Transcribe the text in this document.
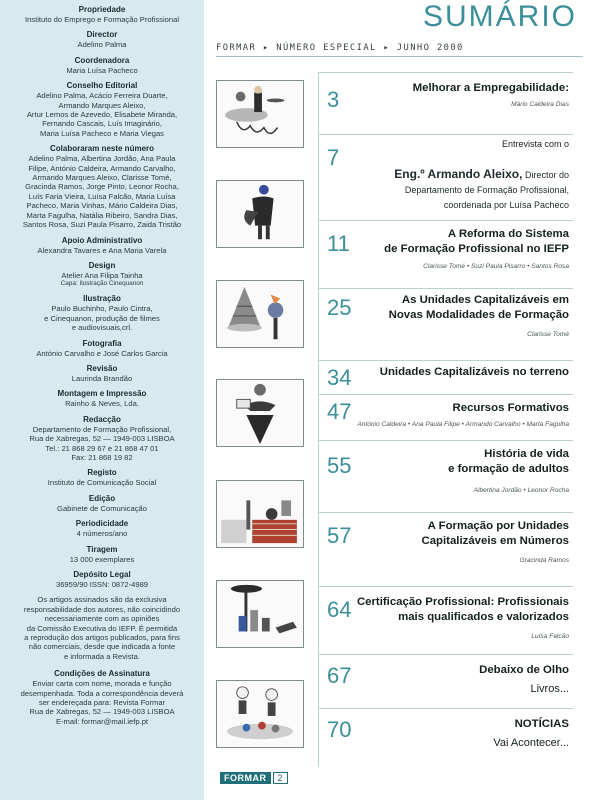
Propriedade
Instituto do Emprego e Formação Profissional
Director
Adelino Palma
Coordenadora
Maria Luísa Pacheco
Conselho Editorial
Adelino Palma, Acácio Ferreira Duarte,
Armando Marques Aleixo,
Artur Lemos de Azevedo, Elisabete Miranda,
Fernando Cascais, Luís Imaginário,
Maria Luísa Pacheco e Maria Viegas
Colaboraram neste número
Adelino Palma, Albertina Jordão, Ana Paula
Filipe, António Caldeira, Armando Carvalho,
Armando Marques Aleixo, Clarisse Tomé,
Gracinda Ramos, Jorge Pinto, Leonor Rocha,
Luís Faria Vieira, Luísa Falcão, Maria Luísa
Pacheco, Maria Vinhas, Mário Caldeira Dias,
Marta Fagulha, Natália Ribeiro, Sandra Dias,
Santos Rosa, Suzi Paula Pisarro, Zaida Tristão
Apoio Administrativo
Alexandra Tavares e Ana Maria Varela
Design
Atelier Ana Filipa Tainha
Capa: Ilustração Cinequanon
Ilustração
Paulo Buchinho, Paulo Cintra,
e Cinequanon, produção de filmes
e audiovisuais,crl.
Fotografia
António Carvalho e José Carlos Garcia
Revisão
Laurinda Brandão
Montagem e Impressão
Rainho & Neves, Lda.
Redacção
Departamento de Formação Profissional,
Rua de Xabregas, 52 — 1949-003 LISBOA
Tel.: 21 868 29 67 e 21 868 47 01
Fax: 21 868 19 82
Registo
Instituto de Comunicação Social
Edição
Gabinete de Comunicação
Periodicidade
4 números/ano
Tiragem
13 000 exemplares
Depósito Legal
36959/90 ISSN: 0872-4989
Os artigos assinados são da exclusiva
responsabilidade dos autores, não coincidindo
necessariamente com as opiniões
da Comissão Executiva do IEFP. É permitida
a reprodução dos artigos publicados, para fins
não comerciais, desde que indicada a fonte
e informada a Revista.
Condições de Assinatura
Enviar carta com nome, morada e função
desempenhada. Toda a correspondência deverá
ser endereçada para: Revista Formar
Rua de Xabregas, 52 — 1949-003 LISBOA
E-mail: formar@mail.iefp.pt
SUMÁRIO
FORMAR ▸ NÚMERO ESPECIAL ▸ JUNHO 2000
3	Melhorar a Empregabilidade:
Mário Caldeira Dias
7
Entrevista com o

Eng.º Armando Aleixo, Director do
Departamento de Formação Profissional,
coordenada por Luísa Pacheco

11	A Reforma do Sistema
de Formação Profissional no IEFP
Clarisse Tomé • Suzi Paula Pisarro • Santos Rosa
25	As Unidades Capitalizáveis em
Novas Modalidades de Formação
Clarisse Tomé
34 Unidades Capitalizáveis no terreno
47	Recursos Formativos
António Caldeira • Ana Paula Filipe • Armando Carvalho • Marta Fagulha
55	História de vida
e formação de adultos
Albertina Jordão • Leonor Rocha
57	A Formação por Unidades
Capitalizáveis em Números
Gracinda Ramos
64 Certificação Profissional: Profissionais
mais qualificados e valorizados
Luísa Falcão
67	Debaixo de Olho
Livros...
70	NOTÍCIAS
Vai Acontecer...
FORMAR	2
